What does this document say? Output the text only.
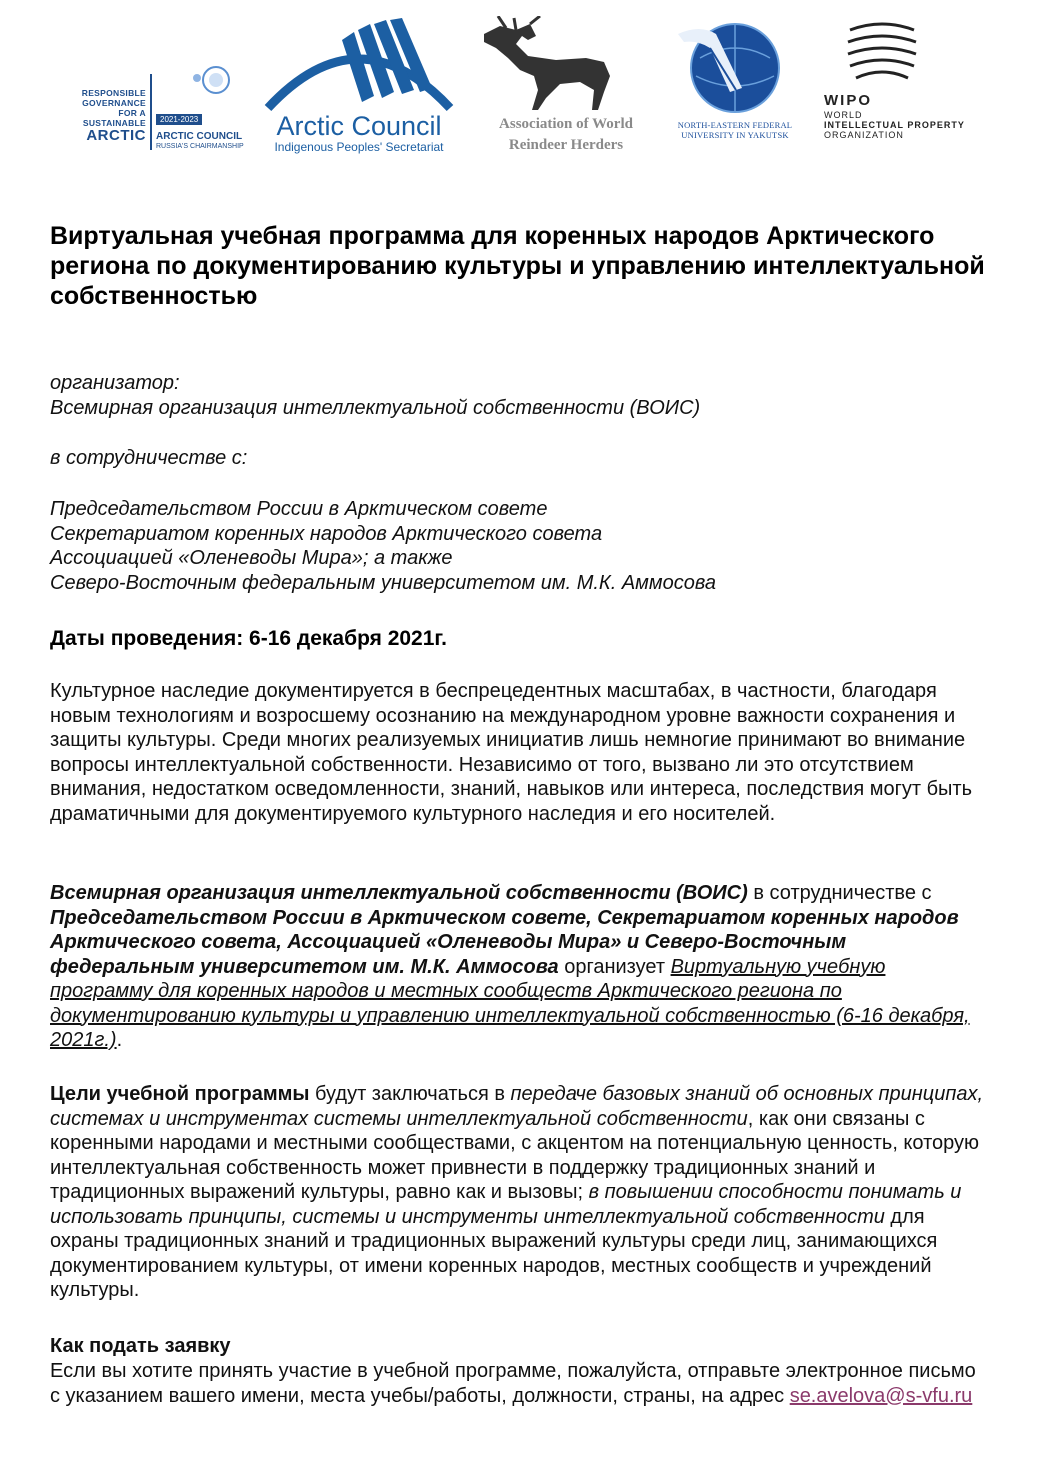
RESPONSIBLE
GOVERNANCE
FOR A SUSTAINABLE
ARCTIC
2021-2023
ARCTIC COUNCIL
RUSSIA'S CHAIRMANSHIP
Arctic Council
Indigenous Peoples' Secretariat
Association of World
Reindeer Herders
NORTH-EASTERN FEDERAL
UNIVERSITY IN YAKUTSK
WIPO
WORLD
INTELLECTUAL PROPERTY
ORGANIZATION
Виртуальная учебная программа для коренных народов Арктического региона по документированию культуры и управлению интеллектуальной собственностью
организатор:
Всемирная организация интеллектуальной собственности (ВОИС)
в сотрудничестве с:
Председательством России в Арктическом совете
Секретариатом коренных народов Арктического совета
Ассоциацией «Оленеводы Мира»; а также
Северо-Восточным федеральным университетом им. М.К. Аммосова
Даты проведения: 6-16 декабря 2021г.

Культурное наследие документируется в беспрецедентных масштабах, в частности, благодаря новым технологиям и возросшему осознанию на международном уровне важности сохранения и защиты культуры. Среди многих реализуемых инициатив лишь немногие принимают во внимание вопросы интеллектуальной собственности. Независимо от того, вызвано ли это отсутствием внимания, недостатком осведомленности, знаний, навыков или интереса, последствия могут быть драматичными для документируемого культурного наследия и его носителей.

Всемирная организация интеллектуальной собственности (ВОИС) в сотрудничестве с Председательством России в Арктическом совете, Секретариатом коренных народов Арктического совета, Ассоциацией «Оленеводы Мира» и Северо-Восточным федеральным университетом им. М.К. Аммосова организует Виртуальную учебную программу для коренных народов и местных сообществ Арктического региона по документированию культуры и управлению интеллектуальной собственностью (6-16 декабря, 2021г.).

Цели учебной программы будут заключаться в передаче базовых знаний об основных принципах, системах и инструментах системы интеллектуальной собственности, как они связаны с коренными народами и местными сообществами, с акцентом на потенциальную ценность, которую интеллектуальная собственность может привнести в поддержку традиционных знаний и традиционных выражений культуры, равно как и вызовы; в повышении способности понимать и использовать принципы, системы и инструменты интеллектуальной собственности для охраны традиционных знаний и традиционных выражений культуры среди лиц, занимающихся документированием культуры, от имени коренных народов, местных сообществ и учреждений культуры.

Как подать заявку

Если вы хотите принять участие в учебной программе, пожалуйста, отправьте электронное письмо с указанием вашего имени, места учебы/работы, должности, страны, на адрес se.avelova@s-vfu.ru
